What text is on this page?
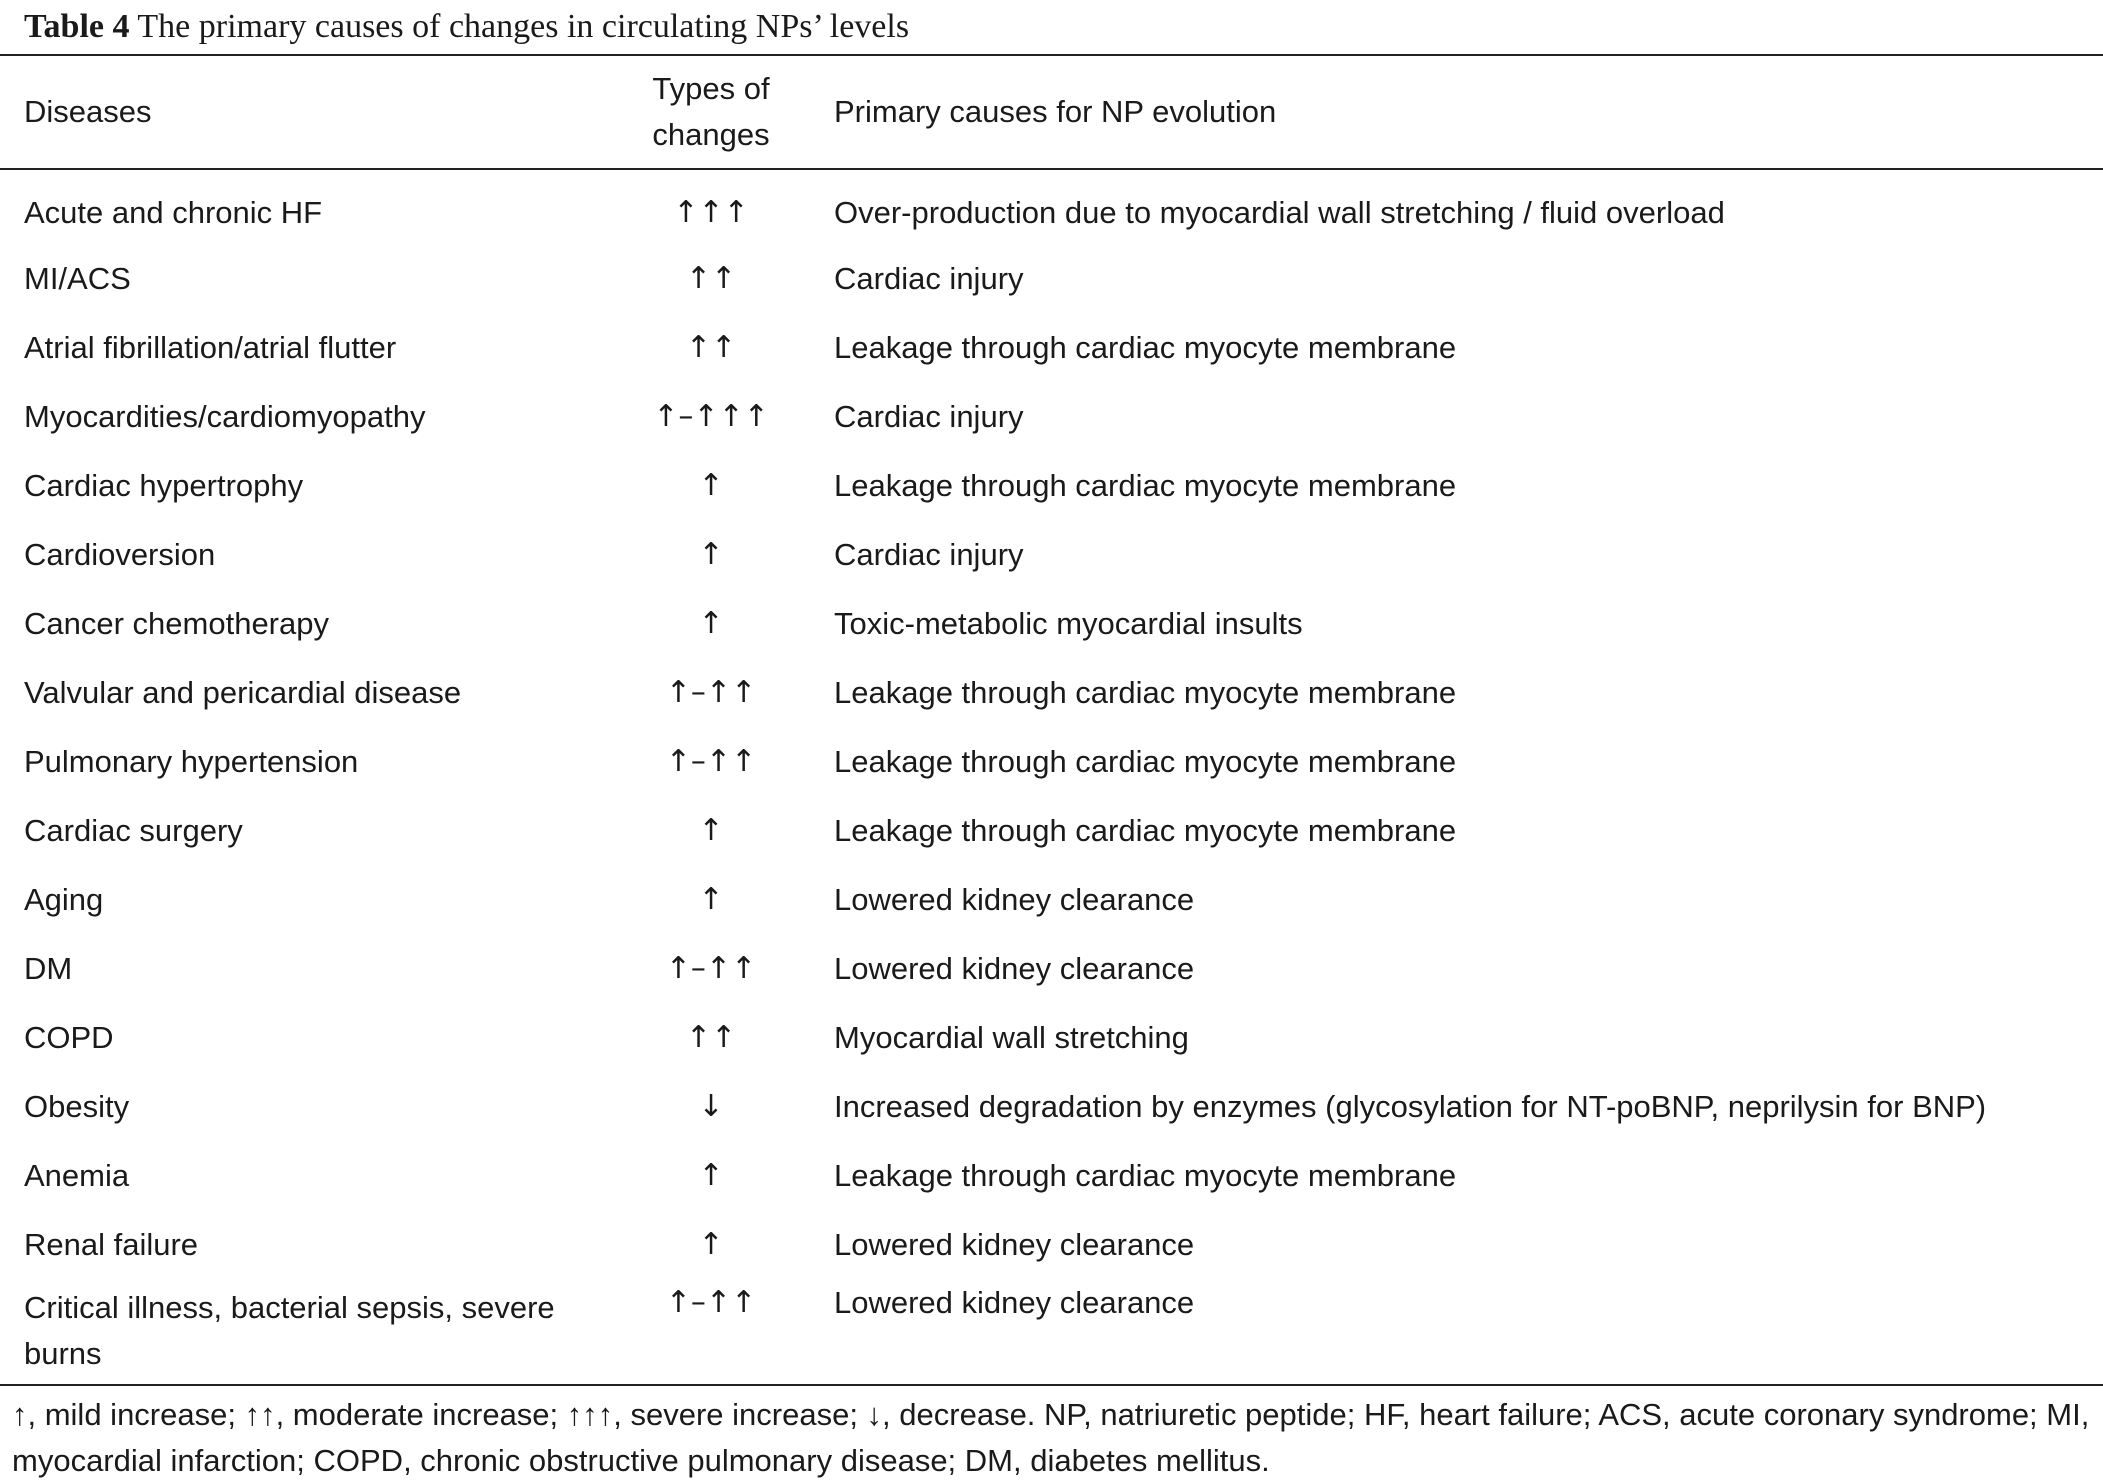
Table 4 The primary causes of changes in circulating NPs’ levels
Diseases	Types of changes	Primary causes for NP evolution
Acute and chronic HF	↑↑↑	Over-production due to myocardial wall stretching / fluid overload
MI/ACS	↑↑	Cardiac injury
Atrial fibrillation/atrial flutter	↑↑	Leakage through cardiac myocyte membrane
Myocardities/cardiomyopathy	↑–↑↑↑	Cardiac injury
Cardiac hypertrophy	↑	Leakage through cardiac myocyte membrane
Cardioversion	↑	Cardiac injury
Cancer chemotherapy	↑	Toxic-metabolic myocardial insults
Valvular and pericardial disease	↑–↑↑	Leakage through cardiac myocyte membrane
Pulmonary hypertension	↑–↑↑	Leakage through cardiac myocyte membrane
Cardiac surgery	↑	Leakage through cardiac myocyte membrane
Aging	↑	Lowered kidney clearance
DM	↑–↑↑	Lowered kidney clearance
COPD	↑↑	Myocardial wall stretching
Obesity	↓	Increased degradation by enzymes (glycosylation for NT-poBNP, neprilysin for BNP)
Anemia	↑	Leakage through cardiac myocyte membrane
Renal failure	↑	Lowered kidney clearance
Critical illness, bacterial sepsis, severe burns	↑–↑↑	Lowered kidney clearance
↑, mild increase; ↑↑, moderate increase; ↑↑↑, severe increase; ↓, decrease. NP, natriuretic peptide; HF, heart failure; ACS, acute coronary syndrome; MI, myocardial infarction; COPD, chronic obstructive pulmonary disease; DM, diabetes mellitus.
